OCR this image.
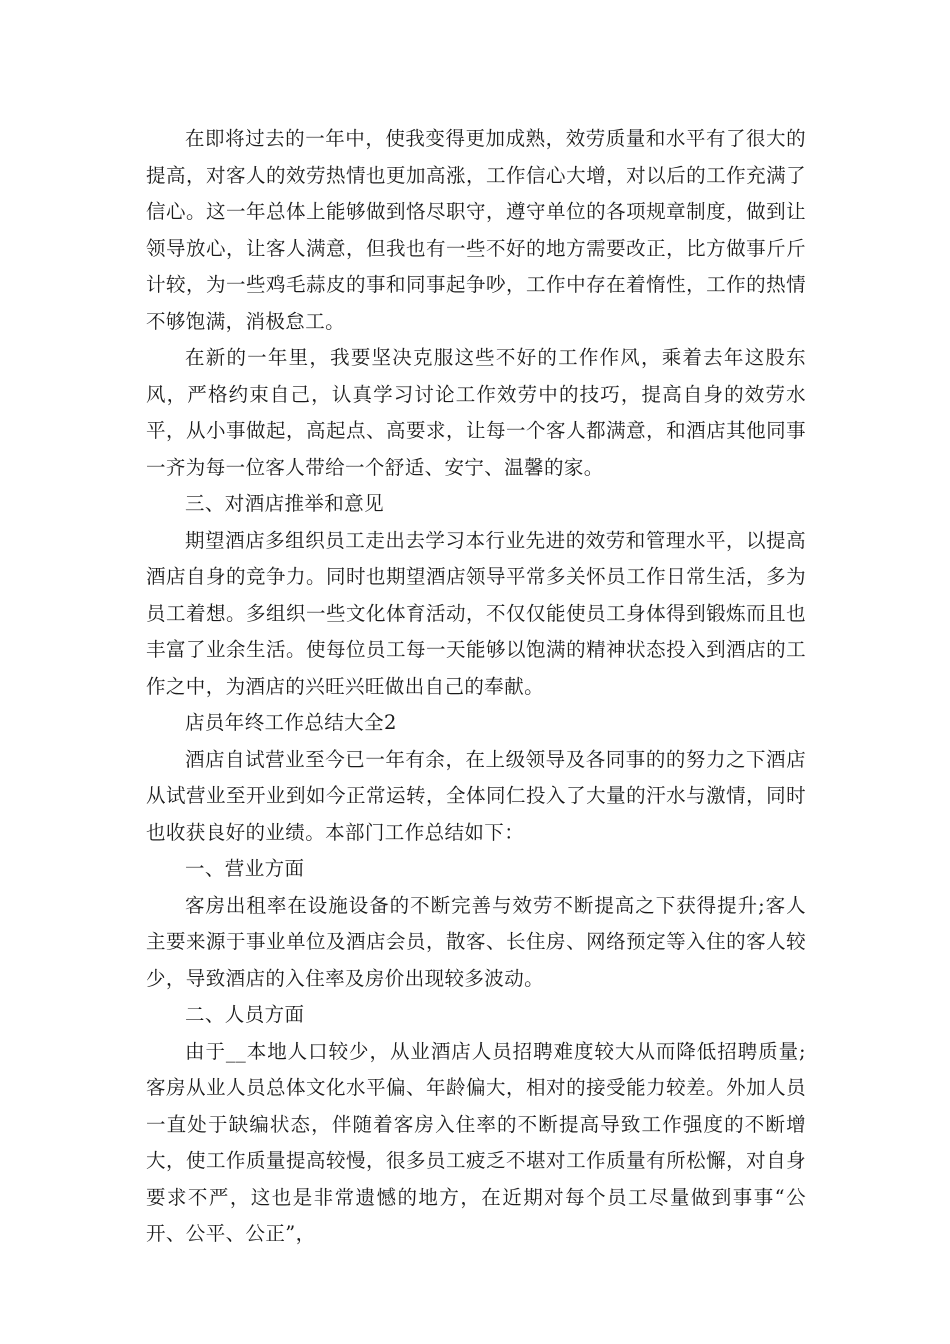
在即将过去的一年中，使我变得更加成熟，效劳质量和水平有了很大的提高，对客人的效劳热情也更加高涨，工作信心大增，对以后的工作充满了信心。这一年总体上能够做到恪尽职守，遵守单位的各项规章制度，做到让领导放心，让客人满意，但我也有一些不好的地方需要改正，比方做事斤斤计较，为一些鸡毛蒜皮的事和同事起争吵，工作中存在着惰性，工作的热情不够饱满，消极怠工。

在新的一年里，我要坚决克服这些不好的工作作风，乘着去年这股东风，严格约束自己，认真学习讨论工作效劳中的技巧，提高自身的效劳水平，从小事做起，高起点、高要求，让每一个客人都满意，和酒店其他同事一齐为每一位客人带给一个舒适、安宁、温馨的家。

三、对酒店推举和意见

期望酒店多组织员工走出去学习本行业先进的效劳和管理水平，以提高酒店自身的竞争力。同时也期望酒店领导平常多关怀员工作日常生活，多为员工着想。多组织一些文化体育活动，不仅仅能使员工身体得到锻炼而且也丰富了业余生活。使每位员工每一天能够以饱满的精神状态投入到酒店的工作之中，为酒店的兴旺兴旺做出自己的奉献。

店员年终工作总结大全2

酒店自试营业至今已一年有余，在上级领导及各同事的的努力之下酒店从试营业至开业到如今正常运转，全体同仁投入了大量的汗水与激情，同时也收获良好的业绩。本部门工作总结如下：

一、营业方面

客房出租率在设施设备的不断完善与效劳不断提高之下获得提升;客人主要来源于事业单位及酒店会员，散客、长住房、网络预定等入住的客人较少，导致酒店的入住率及房价出现较多波动。

二、人员方面

由于__本地人口较少，从业酒店人员招聘难度较大从而降低招聘质量;客房从业人员总体文化水平偏、年龄偏大，相对的接受能力较差。外加人员一直处于缺编状态，伴随着客房入住率的不断提高导致工作强度的不断增大，使工作质量提高较慢，很多员工疲乏不堪对工作质量有所松懈，对自身要求不严，这也是非常遗憾的地方，在近期对每个员工尽量做到事事“公开、公平、公正”，
